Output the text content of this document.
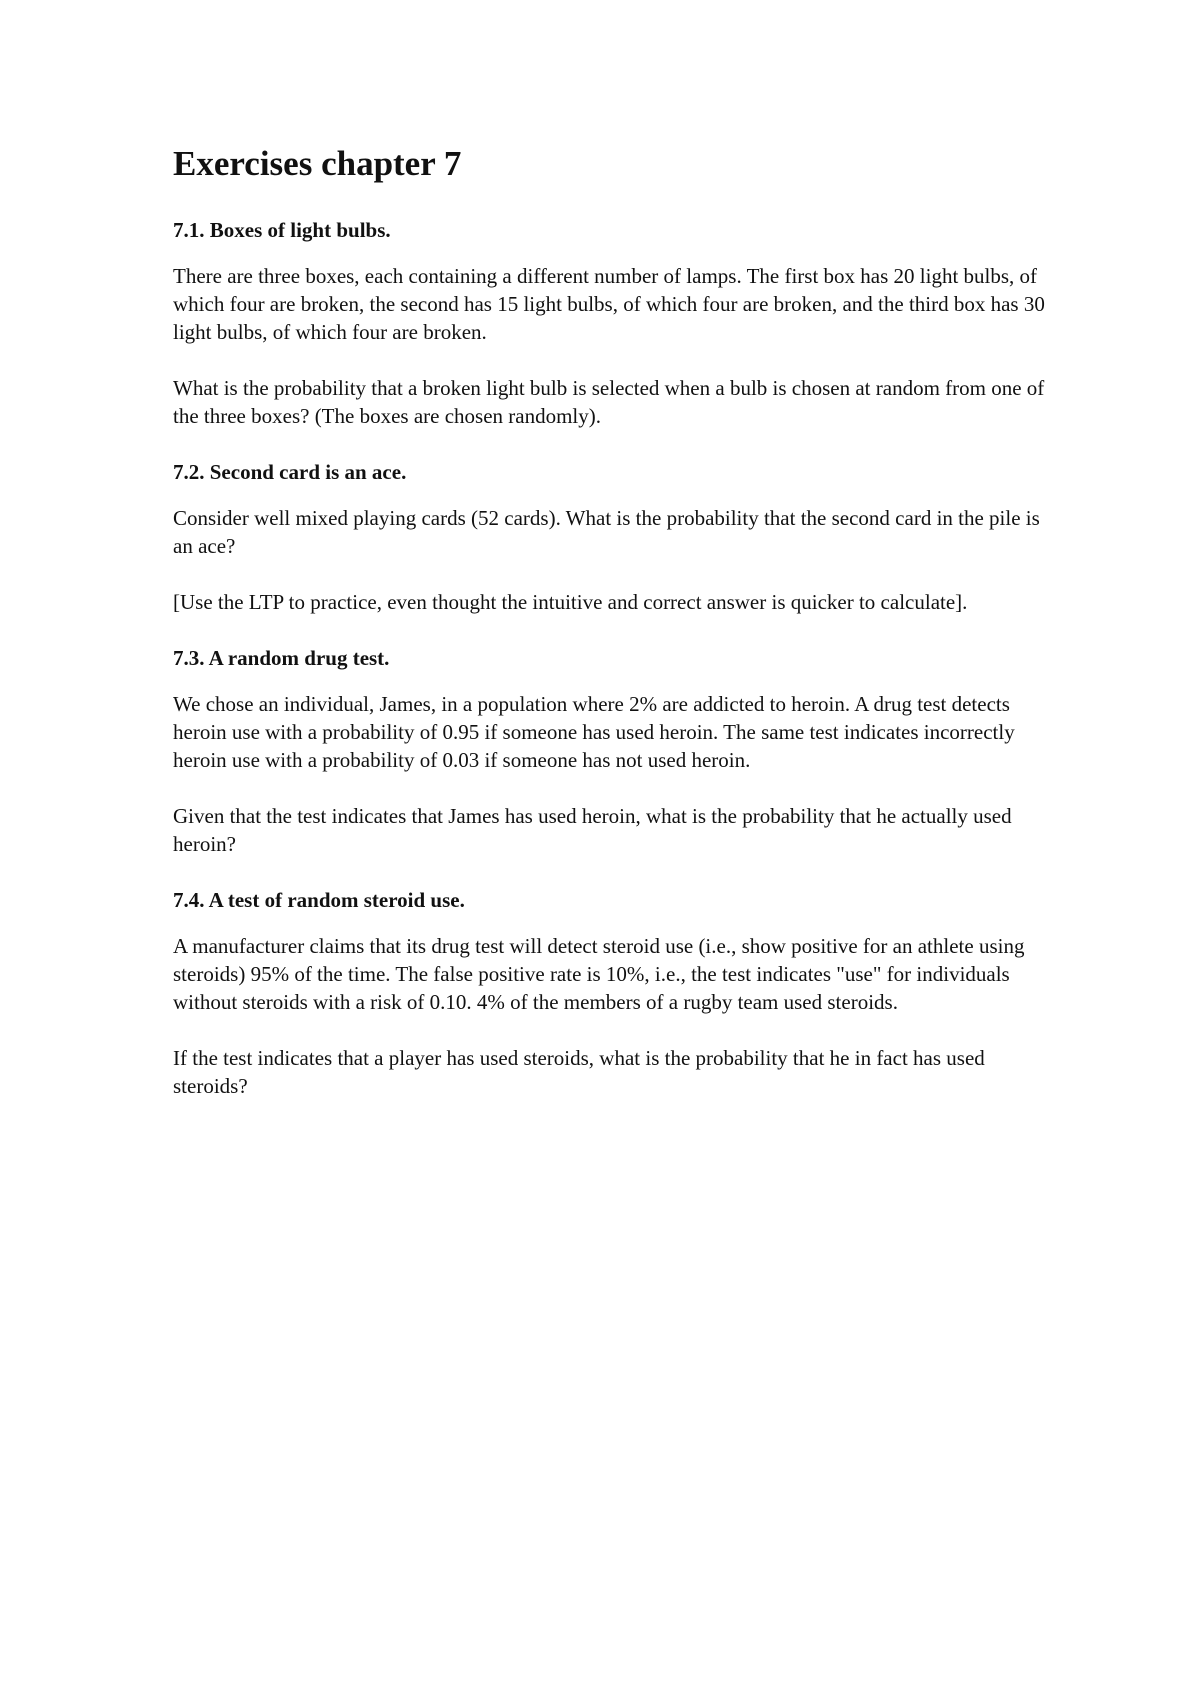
Exercises chapter 7
7.1. Boxes of light bulbs.

There are three boxes, each containing a different number of lamps. The first box has 20 light bulbs, of which four are broken, the second has 15 light bulbs, of which four are broken, and the third box has 30 light bulbs, of which four are broken.

What is the probability that a broken light bulb is selected when a bulb is chosen at random from one of the three boxes? (The boxes are chosen randomly).

7.2. Second card is an ace.

Consider well mixed playing cards (52 cards). What is the probability that the second card in the pile is an ace?

[Use the LTP to practice, even thought the intuitive and correct answer is quicker to calculate].

7.3. A random drug test.

We chose an individual, James, in a population where 2% are addicted to heroin. A drug test detects heroin use with a probability of 0.95 if someone has used heroin. The same test indicates incorrectly heroin use with a probability of 0.03 if someone has not used heroin.

Given that the test indicates that James has used heroin, what is the probability that he actually used heroin?

7.4. A test of random steroid use.

A manufacturer claims that its drug test will detect steroid use (i.e., show positive for an athlete using steroids) 95% of the time. The false positive rate is 10%, i.e., the test indicates "use" for individuals without steroids with a risk of 0.10. 4% of the members of a rugby team used steroids.

If the test indicates that a player has used steroids, what is the probability that he in fact has used steroids?
